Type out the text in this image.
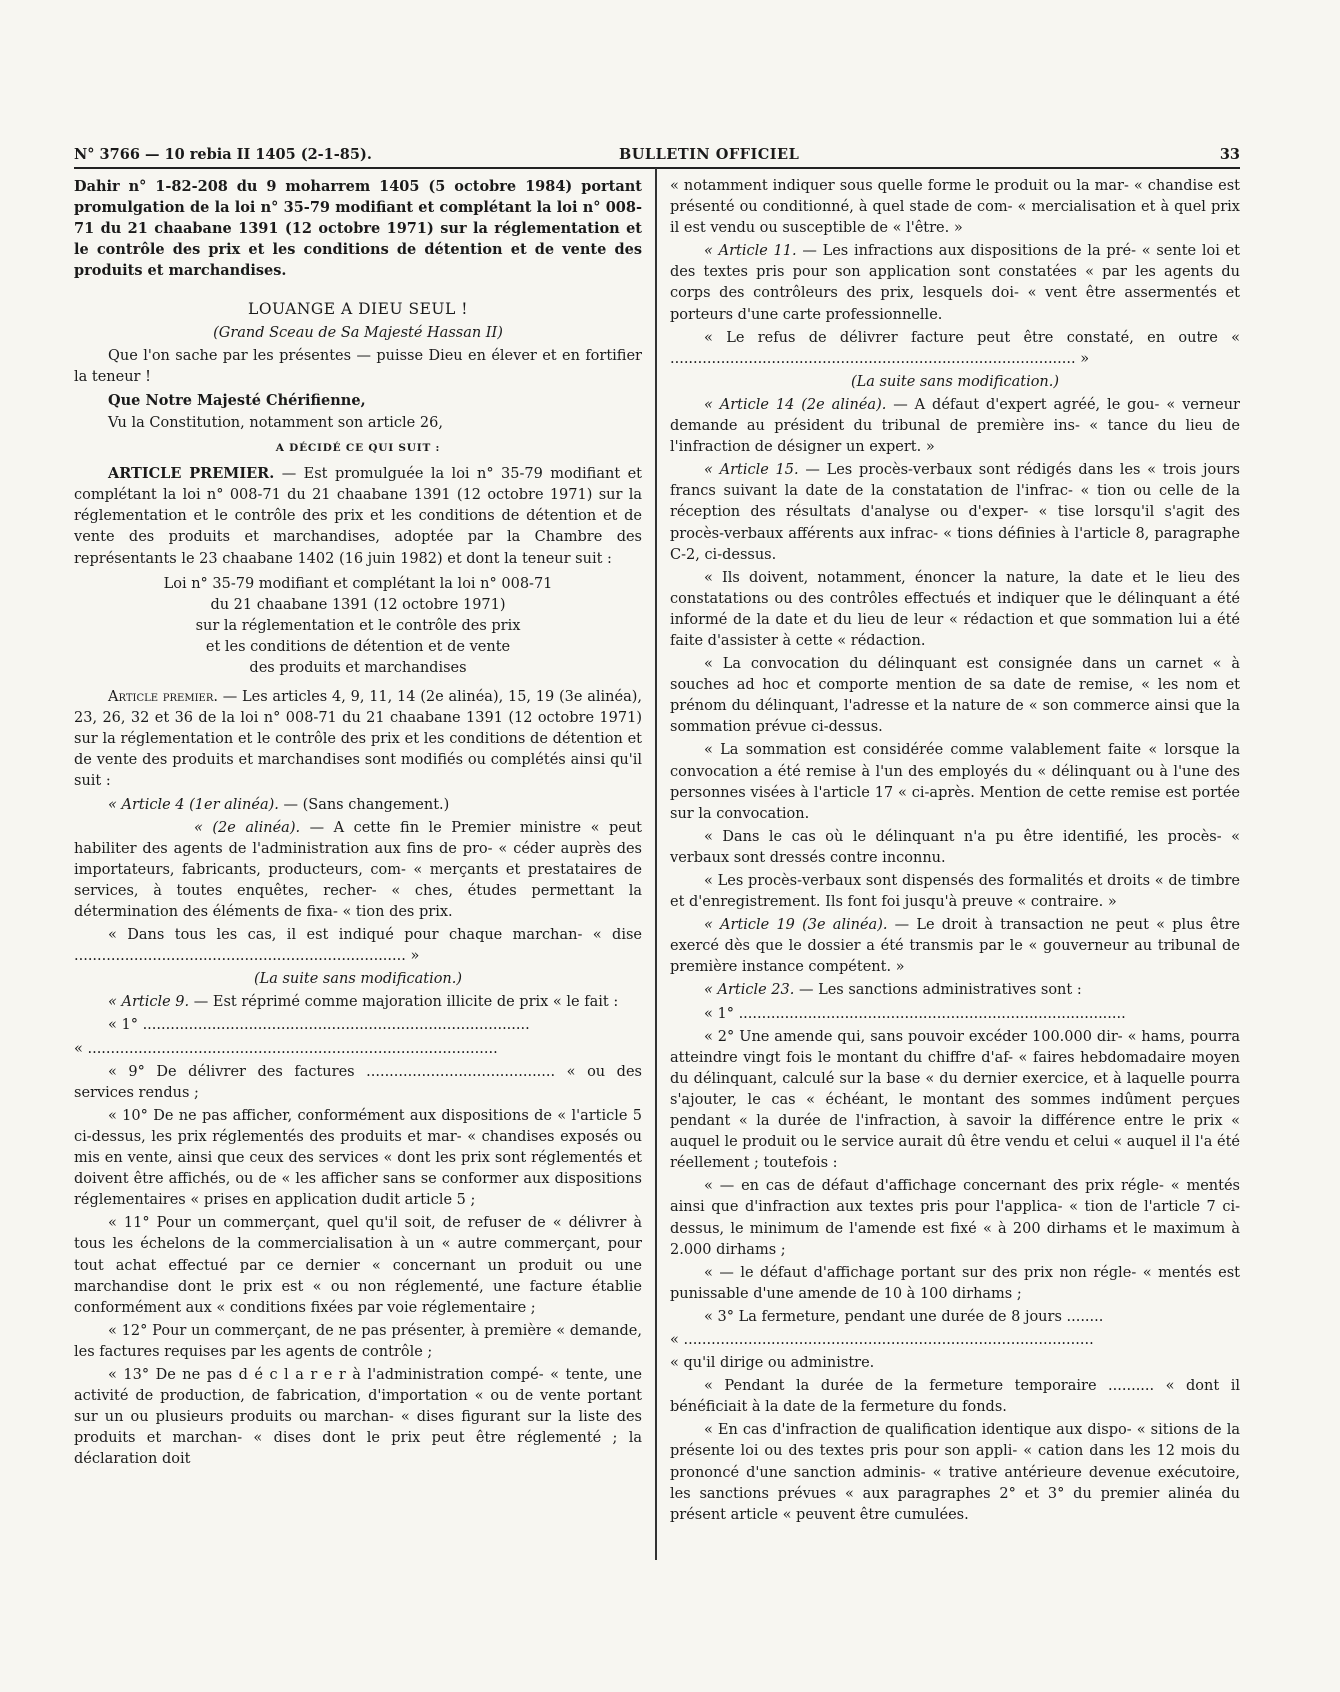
N° 3766 — 10 rebia II 1405 (2-1-85).	BULLETIN OFFICIEL	33

Dahir n° 1-82-208 du 9 moharrem 1405 (5 octobre 1984) portant promulgation de la loi n° 35-79 modifiant et complétant la loi n° 008-71 du 21 chaabane 1391 (12 octobre 1971) sur la réglementation et le contrôle des prix et les conditions de détention et de vente des produits et marchandises.

LOUANGE A DIEU SEUL !

(Grand Sceau de Sa Majesté Hassan II)

Que l'on sache par les présentes — puisse Dieu en élever et en fortifier la teneur !

Que Notre Majesté Chérifienne,

Vu la Constitution, notamment son article 26,

A DÉCIDÉ CE QUI SUIT :

ARTICLE PREMIER. — Est promulguée la loi n° 35-79 modifiant et complétant la loi n° 008-71 du 21 chaabane 1391 (12 octobre 1971) sur la réglementation et le contrôle des prix et les conditions de détention et de vente des produits et marchandises, adoptée par la Chambre des représentants le 23 chaabane 1402 (16 juin 1982) et dont la teneur suit :

Loi n° 35-79 modifiant et complétant la loi n° 008-71
du 21 chaabane 1391 (12 octobre 1971)
sur la réglementation et le contrôle des prix
et les conditions de détention et de vente
des produits et marchandises

Article premier. — Les articles 4, 9, 11, 14 (2e alinéa), 15, 19 (3e alinéa), 23, 26, 32 et 36 de la loi n° 008-71 du 21 chaabane 1391 (12 octobre 1971) sur la réglementation et le contrôle des prix et les conditions de détention et de vente des produits et marchandises sont modifiés ou complétés ainsi qu'il suit :

« Article 4 (1er alinéa). — (Sans changement.)

« (2e alinéa). — A cette fin le Premier ministre « peut habiliter des agents de l'administration aux fins de pro- « céder auprès des importateurs, fabricants, producteurs, com- « merçants et prestataires de services, à toutes enquêtes, recher- « ches, études permettant la détermination des éléments de fixa- « tion des prix.

« Dans tous les cas, il est indiqué pour chaque marchan- « dise ........................................................................ »

(La suite sans modification.)

« Article 9. — Est réprimé comme majoration illicite de prix « le fait :

« 1° ....................................................................................

« .........................................................................................

« 9° De délivrer des factures ......................................... « ou des services rendus ;

« 10° De ne pas afficher, conformément aux dispositions de « l'article 5 ci-dessus, les prix réglementés des produits et mar- « chandises exposés ou mis en vente, ainsi que ceux des services « dont les prix sont réglementés et doivent être affichés, ou de « les afficher sans se conformer aux dispositions réglementaires « prises en application dudit article 5 ;

« 11° Pour un commerçant, quel qu'il soit, de refuser de « délivrer à tous les échelons de la commercialisation à un « autre commerçant, pour tout achat effectué par ce dernier « concernant un produit ou une marchandise dont le prix est « ou non réglementé, une facture établie conformément aux « conditions fixées par voie réglementaire ;

« 12° Pour un commerçant, de ne pas présenter, à première « demande, les factures requises par les agents de contrôle ;

« 13° De ne pas d é c l a r e r à l'administration compé- « tente, une activité de production, de fabrication, d'importation « ou de vente portant sur un ou plusieurs produits ou marchan- « dises figurant sur la liste des produits et marchan- « dises dont le prix peut être réglementé ; la déclaration doit

« notamment indiquer sous quelle forme le produit ou la mar- « chandise est présenté ou conditionné, à quel stade de com- « mercialisation et à quel prix il est vendu ou susceptible de « l'être. »

« Article 11. — Les infractions aux dispositions de la pré- « sente loi et des textes pris pour son application sont constatées « par les agents du corps des contrôleurs des prix, lesquels doi- « vent être assermentés et porteurs d'une carte professionnelle.

« Le refus de délivrer facture peut être constaté, en outre « ........................................................................................ »

(La suite sans modification.)

« Article 14 (2e alinéa). — A défaut d'expert agréé, le gou- « verneur demande au président du tribunal de première ins- « tance du lieu de l'infraction de désigner un expert. »

« Article 15. — Les procès-verbaux sont rédigés dans les « trois jours francs suivant la date de la constatation de l'infrac- « tion ou celle de la réception des résultats d'analyse ou d'exper- « tise lorsqu'il s'agit des procès-verbaux afférents aux infrac- « tions définies à l'article 8, paragraphe C-2, ci-dessus.

« Ils doivent, notamment, énoncer la nature, la date et le lieu des constatations ou des contrôles effectués et indiquer que le délinquant a été informé de la date et du lieu de leur « rédaction et que sommation lui a été faite d'assister à cette « rédaction.

« La convocation du délinquant est consignée dans un carnet « à souches ad hoc et comporte mention de sa date de remise, « les nom et prénom du délinquant, l'adresse et la nature de « son commerce ainsi que la sommation prévue ci-dessus.

« La sommation est considérée comme valablement faite « lorsque la convocation a été remise à l'un des employés du « délinquant ou à l'une des personnes visées à l'article 17 « ci-après. Mention de cette remise est portée sur la convocation.

« Dans le cas où le délinquant n'a pu être identifié, les procès- « verbaux sont dressés contre inconnu.

« Les procès-verbaux sont dispensés des formalités et droits « de timbre et d'enregistrement. Ils font foi jusqu'à preuve « contraire. »

« Article 19 (3e alinéa). — Le droit à transaction ne peut « plus être exercé dès que le dossier a été transmis par le « gouverneur au tribunal de première instance compétent. »

« Article 23. — Les sanctions administratives sont :

« 1° ....................................................................................

« 2° Une amende qui, sans pouvoir excéder 100.000 dir- « hams, pourra atteindre vingt fois le montant du chiffre d'af- « faires hebdomadaire moyen du délinquant, calculé sur la base « du dernier exercice, et à laquelle pourra s'ajouter, le cas « échéant, le montant des sommes indûment perçues pendant « la durée de l'infraction, à savoir la différence entre le prix « auquel le produit ou le service aurait dû être vendu et celui « auquel il l'a été réellement ; toutefois :

« — en cas de défaut d'affichage concernant des prix régle- « mentés ainsi que d'infraction aux textes pris pour l'applica- « tion de l'article 7 ci-dessus, le minimum de l'amende est fixé « à 200 dirhams et le maximum à 2.000 dirhams ;

« — le défaut d'affichage portant sur des prix non régle- « mentés est punissable d'une amende de 10 à 100 dirhams ;

« 3° La fermeture, pendant une durée de 8 jours ........

« .........................................................................................

« qu'il dirige ou administre.

« Pendant la durée de la fermeture temporaire .......... « dont il bénéficiait à la date de la fermeture du fonds.

« En cas d'infraction de qualification identique aux dispo- « sitions de la présente loi ou des textes pris pour son appli- « cation dans les 12 mois du prononcé d'une sanction adminis- « trative antérieure devenue exécutoire, les sanctions prévues « aux paragraphes 2° et 3° du premier alinéa du présent article « peuvent être cumulées.
